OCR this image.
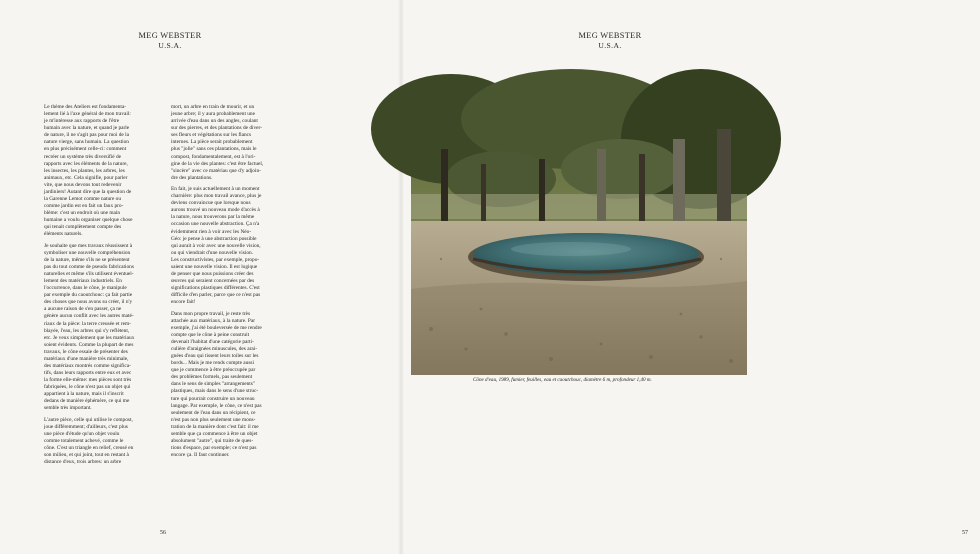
MEG WEBSTER
U.S.A.

Le thème des Ateliers est fondamenta-
lement lié à l'axe général de mon travail:
je m'intéresse aux rapports de l'être
humain avec la nature, et quand je parle
de nature, il ne s'agit pas pour moi de la
nature vierge, sans humain. La question
en plus précisément celle-ci: comment
recréer un système très diversifié de
rapports avec les éléments de la nature,
les insectes, les plantes, les arbres, les
animaux, etc. Cela signifie, pour parler
vite, que nous devons tout redevenir
jardiniers! Autant dire que la question de
la Garenne Lemot comme nature ou
comme jardin est en fait un faux pro-
blème: c'est un endroit où une main
humaine a voulu organiser quelque chose
qui tenait complètement compte des
éléments naturels.

Je souhaite que mes travaux réussissent à
symboliser une nouvelle compréhension
de la nature, même s'ils ne se présentent
pas du tout comme de pseudo fabrications
naturelles et même s'ils utilisent éventuel-
lement des matériaux industriels. En
l'occurrence, dans le cône, je manipule
par exemple du caoutchouc: ça fait partie
des choses que nous avons su créer, il n'y
a aucune raison de s'en passer, ça ne
génère aucun conflit avec les autres maté-
riaux de la pièce: la terre creusée et rem-
blayée, l'eau, les arbres qui s'y reflètent,
etc. Je veux simplement que les matériaux
soient évidents. Comme la plupart de mes
travaux, le cône essaie de présenter des
matériaux d'une manière très minimale,
des matériaux montrés comme significa-
tifs, dans leurs rapports entre eux et avec
la forme elle-même: mes pièces sont très
fabriquées, le cône n'est pas un objet qui
appartient à la nature, mais il s'inscrit
dedans de manière éphémère, ce qui me
semble très important.

L'autre pièce, celle qui utilise le compost,
joue différemment; d'ailleurs, c'est plus
une pièce d'étude qu'un objet voulu
comme totalement achevé, comme le
cône. C'est un triangle en relief, creusé en
son milieu, et qui joint, tout en restant à
distance d'eux, trois arbres: un arbre

mort, un arbre en train de mourir, et un
jeune arbre; il y aura probablement une
arrivée d'eau dans un des angles, coulant
sur des pierres, et des plantations de diver-
ses fleurs et végétations sur les flancs
internes. La pièce serait probablement
plus "jolie" sans ces plantations, mais le
compost, fondamentalement, est à l'ori-
gine de la vie des plantes: c'est être factuel,
"sincère" avec ce matériau que d'y adjoin-
dre des plantations.

En fait, je suis actuellement à un moment
charnière: plus mon travail avance, plus je
deviens convaincue que lorsque nous
aurons trouvé un nouveau mode d'accès à
la nature, nous trouverons par la même
occasion une nouvelle abstraction. Ça n'a
évidemment rien à voir avec les Néo-
Géo: je pense à une abstraction possible
qui aurait à voir avec une nouvelle vision,
ou qui viendrait d'une nouvelle vision.
Les constructivistes, par exemple, propo-
saient une nouvelle vision. Il est logique
de penser que nous puissions créer des
œuvres qui seraient concernées par des
significations plastiques différentes. C'est
difficile d'en parler, parce que ce n'est pas
encore fait!

Dans mon propre travail, je reste très
attachée aux matériaux, à la nature. Par
exemple, j'ai été bouleversée de me rendre
compte que le cône à peine construit
devenait l'habitat d'une catégorie parti-
culière d'araignées minuscules, des arai-
gnées d'eau qui tissent leurs toiles sur les
bords... Mais je me rends compte aussi
que je commence à être préoccupée par
des problèmes formels, pas seulement
dans le sens de simples "arrangements"
plastiques, mais dans le sens d'une struc-
ture qui pourrait construire un nouveau
langage. Par exemple, le cône, ce n'est pas
seulement de l'eau dans un récipient, ce
n'est pas non plus seulement une mons-
tration de la manière dont c'est fait: il me
semble que ça commence à être un objet
absolument "autre", qui traite de ques-
tions d'espace, par exemple; ce n'est pas
encore ça. Il faut continuer.

56
MEG WEBSTER
U.S.A.
57
Cône d'eau, 1989, fumier, feuilles, eau et caoutchouc, diamètre 6 m, profondeur 1,40 m.
